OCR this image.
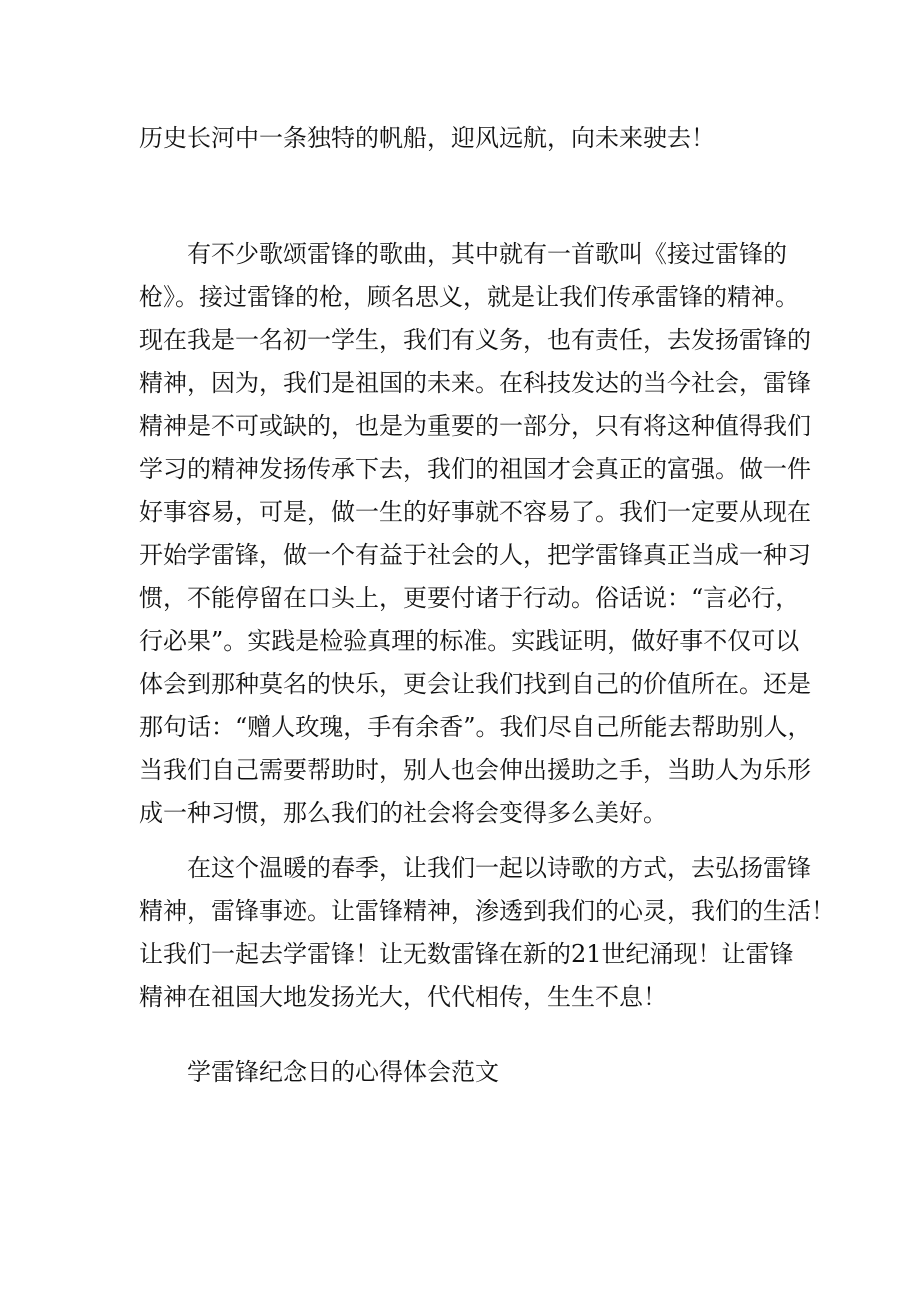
历史长河中一条独特的帆船，迎风远航，向未来驶去！

　　有不少歌颂雷锋的歌曲，其中就有一首歌叫《接过雷锋的
枪》。接过雷锋的枪，顾名思义，就是让我们传承雷锋的精神。
现在我是一名初一学生，我们有义务，也有责任，去发扬雷锋的
精神，因为，我们是祖国的未来。在科技发达的当今社会，雷锋
精神是不可或缺的，也是为重要的一部分，只有将这种值得我们
学习的精神发扬传承下去，我们的祖国才会真正的富强。做一件
好事容易，可是，做一生的好事就不容易了。我们一定要从现在
开始学雷锋，做一个有益于社会的人，把学雷锋真正当成一种习
惯，不能停留在口头上，更要付诸于行动。俗话说：“言必行，
行必果”。实践是检验真理的标准。实践证明，做好事不仅可以
体会到那种莫名的快乐，更会让我们找到自己的价值所在。还是
那句话：“赠人玫瑰，手有余香”。我们尽自己所能去帮助别人，
当我们自己需要帮助时，别人也会伸出援助之手，当助人为乐形
成一种习惯，那么我们的社会将会变得多么美好。

　　在这个温暖的春季，让我们一起以诗歌的方式，去弘扬雷锋
精神，雷锋事迹。让雷锋精神，渗透到我们的心灵，我们的生活！
让我们一起去学雷锋！让无数雷锋在新的21世纪涌现！让雷锋
精神在祖国大地发扬光大，代代相传，生生不息！

学雷锋纪念日的心得体会范文
